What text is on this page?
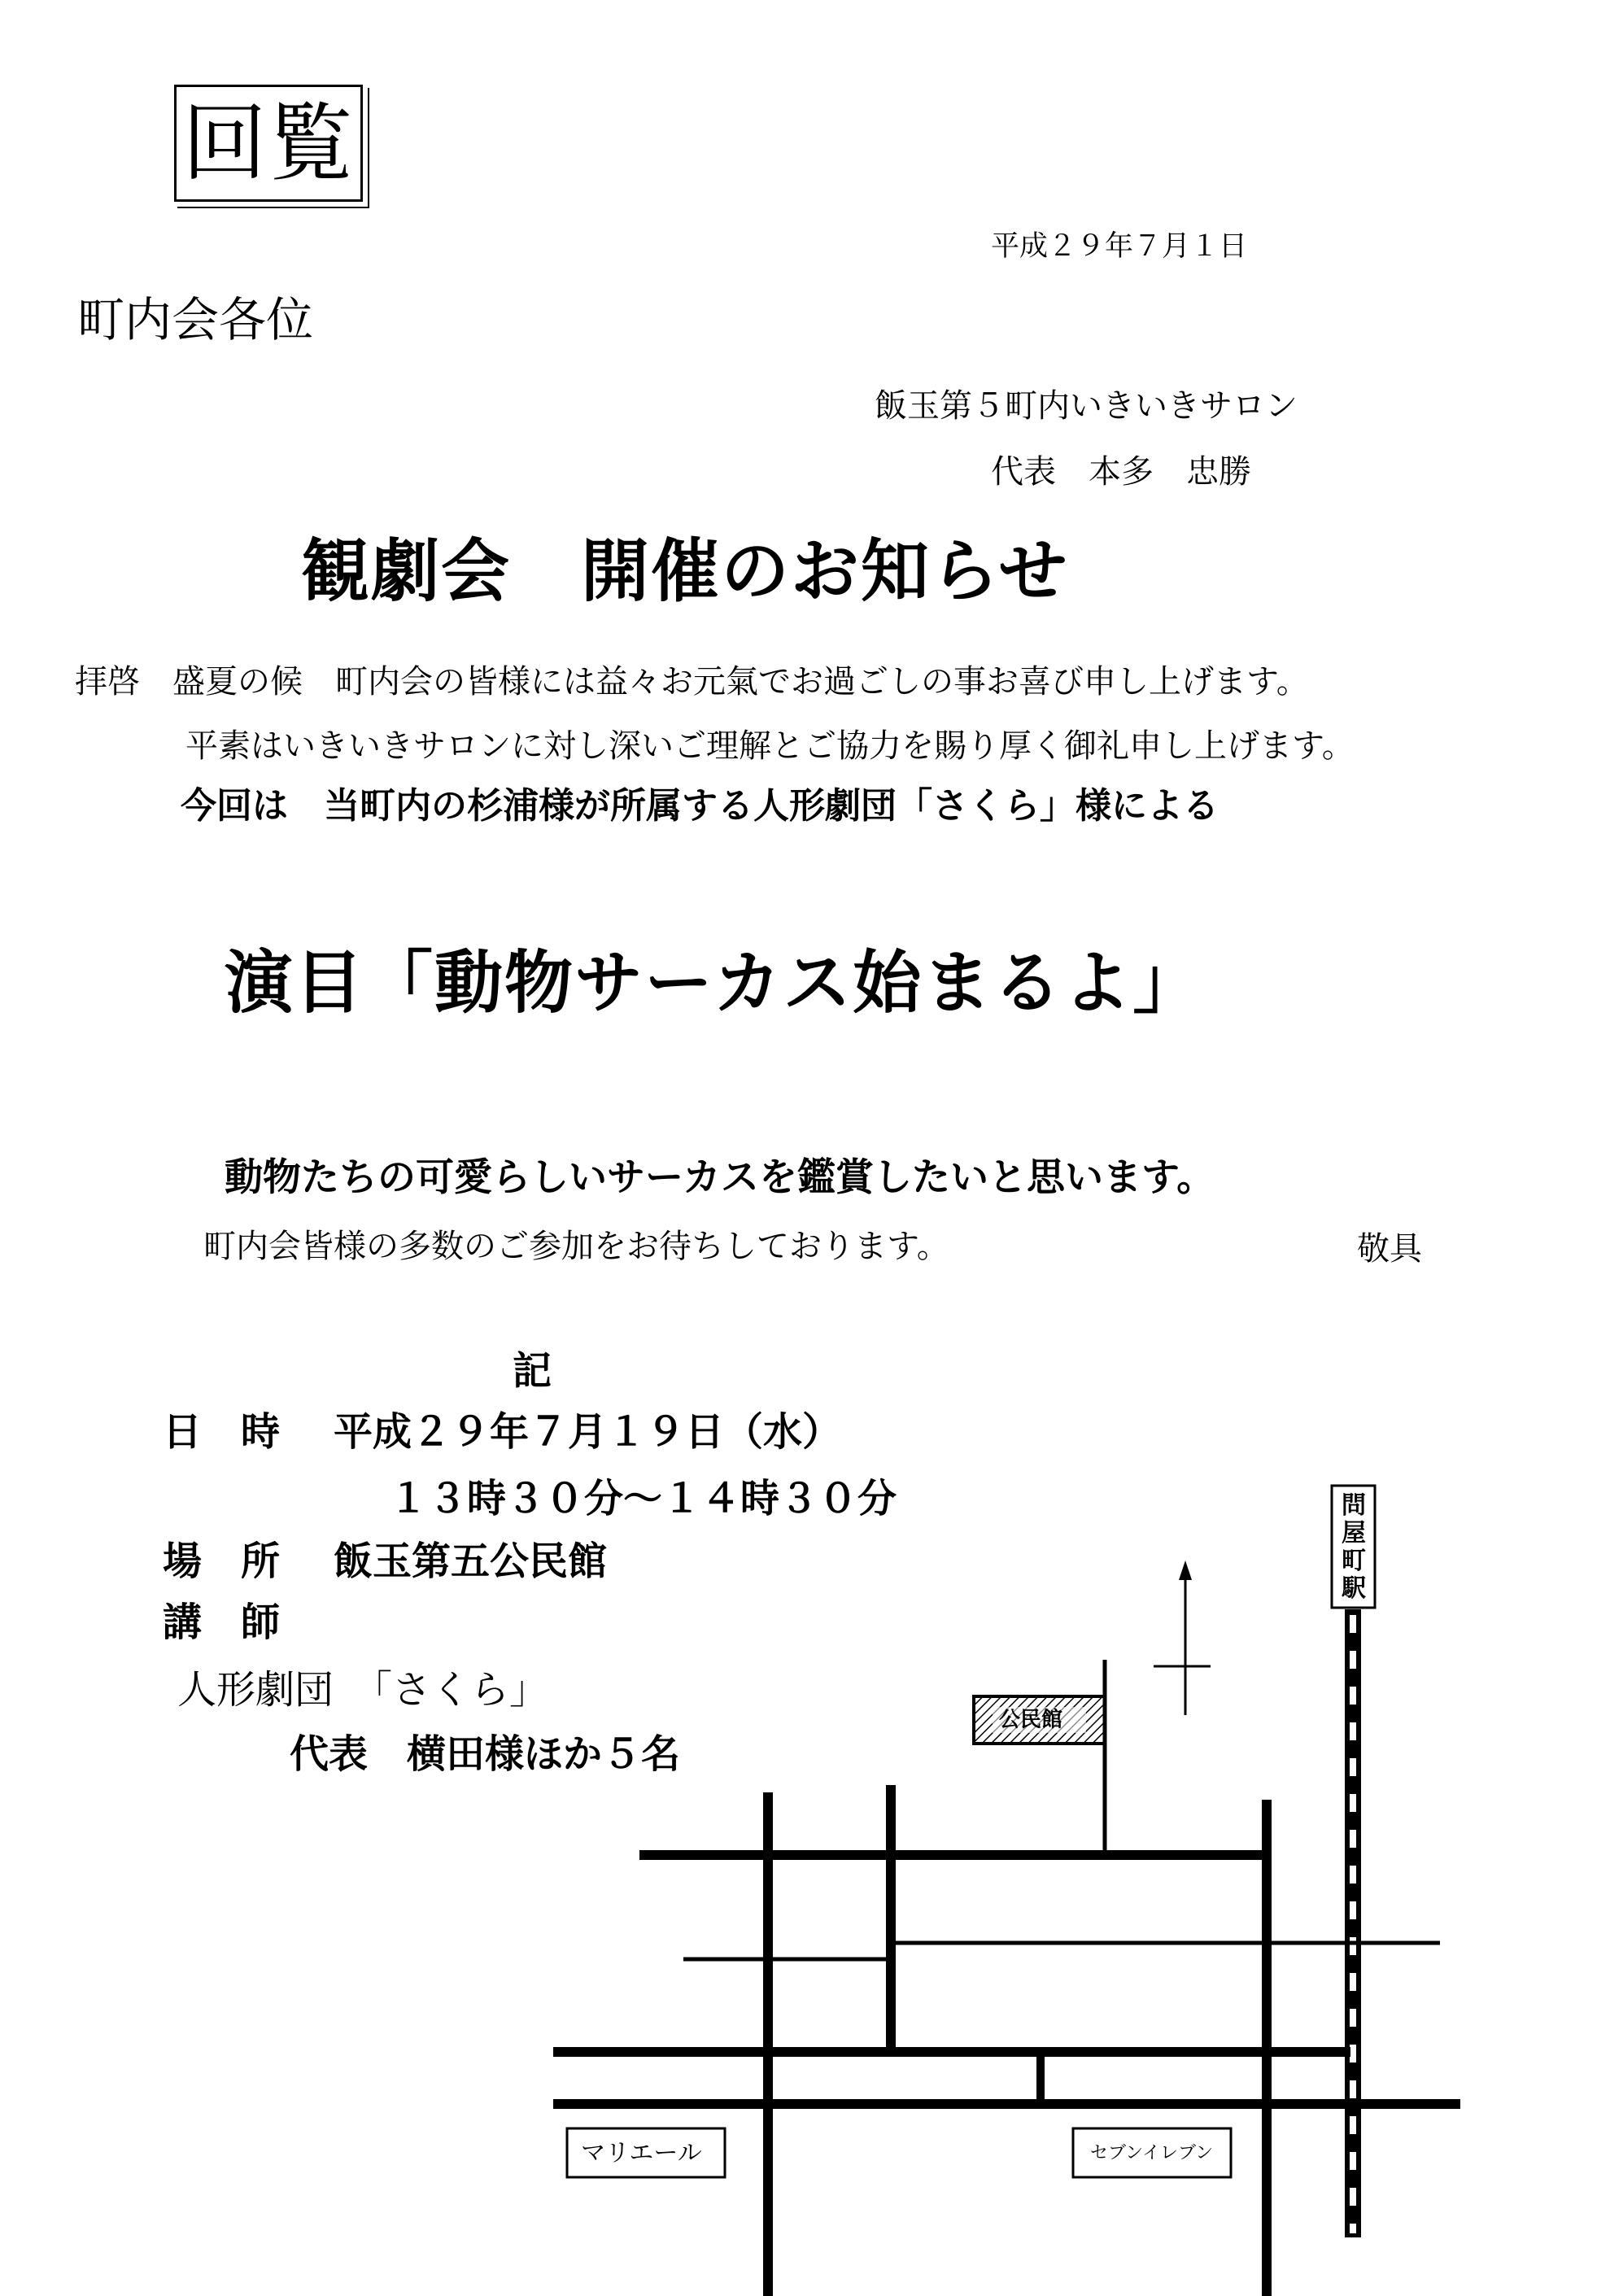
回覧
平成２９年７月１日
町内会各位
飯玉第５町内いきいきサロン
代表　本多　忠勝
観劇会　開催のお知らせ
拝啓　盛夏の候　町内会の皆様には益々お元氣でお過ごしの事お喜び申し上げます。
平素はいきいきサロンに対し深いご理解とご協力を賜り厚く御礼申し上げます。
今回は　当町内の杉浦様が所属する人形劇団「さくら」様による
演目「動物サーカス始まるよ」
動物たちの可愛らしいサーカスを鑑賞したいと思います。
町内会皆様の多数のご参加をお待ちしております。	敬具
記
日　時 平成２９年７月１９日（水）
１３時３０分～１４時３０分
場　所 飯玉第五公民館
講　師
人形劇団　「さくら」
代表　横田様ほか５名
公民館
問
屋
町
駅
マリエール	セブンイレブン
